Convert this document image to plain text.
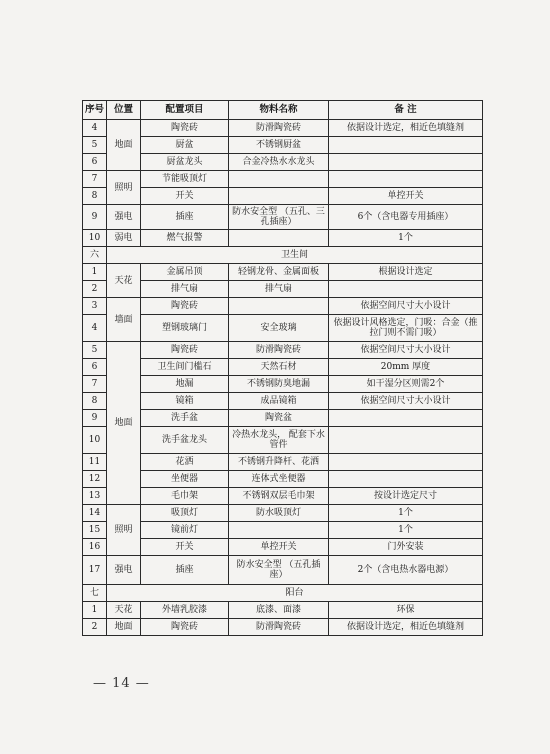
序号	位置	配置项目	物料名称	备 注
4	地面	陶瓷砖	防滑陶瓷砖	依据设计选定，相近色填缝剂
5		厨盆	不锈钢厨盆	
6		厨盆龙头	合金冷热水水龙头	
7	照明	节能吸顶灯		
8		开关		单控开关
9	强电	插座	防水安全型 （五孔、三孔插座）	6个（含电器专用插座）
10	弱电	燃气报警		1个
六	卫生间			
1	天花	金属吊顶	轻钢龙骨、金属面板	根据设计选定
2		排气扇	排气扇	
3	墙面	陶瓷砖		依据空间尺寸大小设计
4		塑钢玻璃门	安全玻璃	依据设计风格选定，门吸：合金（推拉门则不需门吸）
5	地面	陶瓷砖	防滑陶瓷砖	依据空间尺寸大小设计
6		卫生间门槛石	天然石材	20mm 厚度
7		地漏	不锈钢防臭地漏	如干湿分区则需2个
8		镜箱	成品镜箱	依据空间尺寸大小设计
9		洗手盆	陶瓷盆	
10		洗手盆龙头	冷热水龙头， 配套下水管件	
11		花洒	不锈钢升降杆、花洒	
12		坐便器	连体式坐便器	
13		毛巾架	不锈钢双层毛巾架	按设计选定尺寸
14	照明	吸顶灯	防水吸顶灯	1个
15		镜前灯		1个
16		开关	单控开关	门外安装
17	强电	插座	防水安全型 （五孔插座）	2个（含电热水器电源）
七	阳台			
1	天花	外墙乳胶漆	底漆、面漆	环保
2	地面	陶瓷砖	防滑陶瓷砖	依据设计选定，相近色填缝剂
— 14 —
